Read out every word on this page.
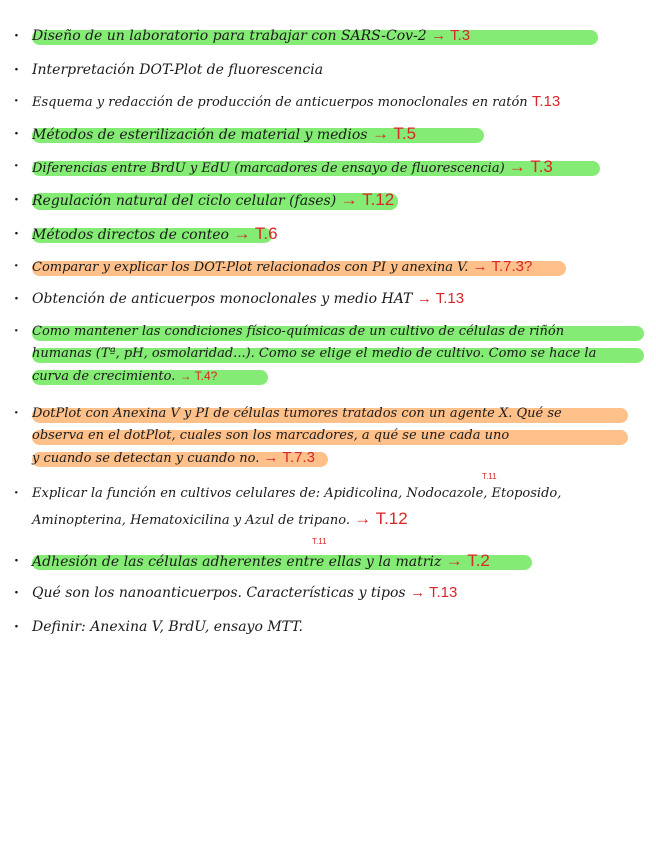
· Diseño de un laboratorio para trabajar con SARS-Cov-2 → T.3
· Interpretación DOT-Plot de fluorescencia
· Esquema y redacción de producción de anticuerpos monoclonales en ratón T.13
· Métodos de esterilización de material y medios → T.5
· Diferencias entre BrdU y EdU (marcadores de ensayo de fluorescencia) → T.3
· Regulación natural del ciclo celular (fases) → T.12
· Métodos directos de conteo → T.6
· Comparar y explicar los DOT-Plot relacionados con PI y anexina V. → T.7.3?
· Obtención de anticuerpos monoclonales y medio HAT → T.13
· Como mantener las condiciones físico-químicas de un cultivo de células de riñón
humanas (Tª, pH, osmolaridad...). Como se elige el medio de cultivo. Como se hace la
curva de crecimiento. → T.4?
· DotPlot con Anexina V y PI de células tumores tratados con un agente X. Qué se
observa en el dotPlot, cuales son los marcadores, a qué se une cada uno
y cuando se detectan y cuando no. → T.7.3
T.11
· Explicar la función en cultivos celulares de: Apidicolina, Nodocazole, Etoposido,
Aminopterina, Hematoxicilina y Azul de tripano. → T.12
T.11
· Adhesión de las células adherentes entre ellas y la matriz → T.2
· Qué son los nanoanticuerpos. Características y tipos → T.13
· Definir: Anexina V, BrdU, ensayo MTT.
